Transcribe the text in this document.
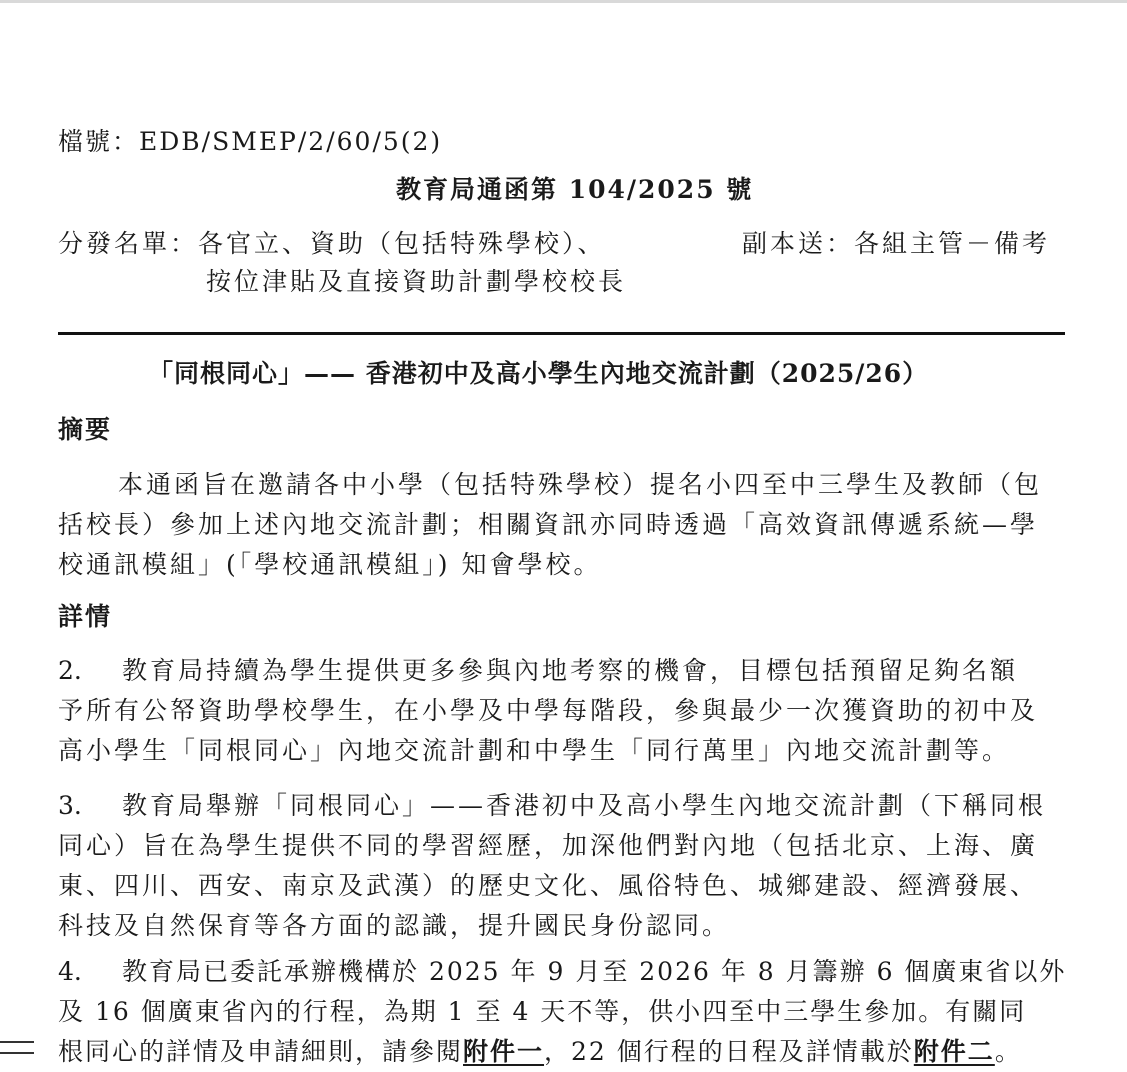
檔號：EDB/SMEP/2/60/5(2)
教育局通函第 104/2025 號
分發名單：各官立、資助（包括特殊學校）、
按位津貼及直接資助計劃學校校長
副本送：各組主管－備考
「同根同心」—— 香港初中及高小學生內地交流計劃（2025/26）
摘要
本通函旨在邀請各中小學（包括特殊學校）提名小四至中三學生及教師（包
括校長）參加上述內地交流計劃；相關資訊亦同時透過「高效資訊傳遞系統—學
校通訊模組」(「學校通訊模組」) 知會學校。
詳情
2. 教育局持續為學生提供更多參與內地考察的機會，目標包括預留足夠名額
予所有公帑資助學校學生，在小學及中學每階段，參與最少一次獲資助的初中及
高小學生「同根同心」內地交流計劃和中學生「同行萬里」內地交流計劃等。
3. 教育局舉辦「同根同心」——香港初中及高小學生內地交流計劃（下稱同根
同心）旨在為學生提供不同的學習經歷，加深他們對內地（包括北京、上海、廣
東、四川、西安、南京及武漢）的歷史文化、風俗特色、城鄉建設、經濟發展、
科技及自然保育等各方面的認識，提升國民身份認同。
4. 教育局已委託承辦機構於 2025 年 9 月至 2026 年 8 月籌辦 6 個廣東省以外
及 16 個廣東省內的行程，為期 1 至 4 天不等，供小四至中三學生參加。有關同
根同心的詳情及申請細則，請參閱附件一，22 個行程的日程及詳情載於附件二。
